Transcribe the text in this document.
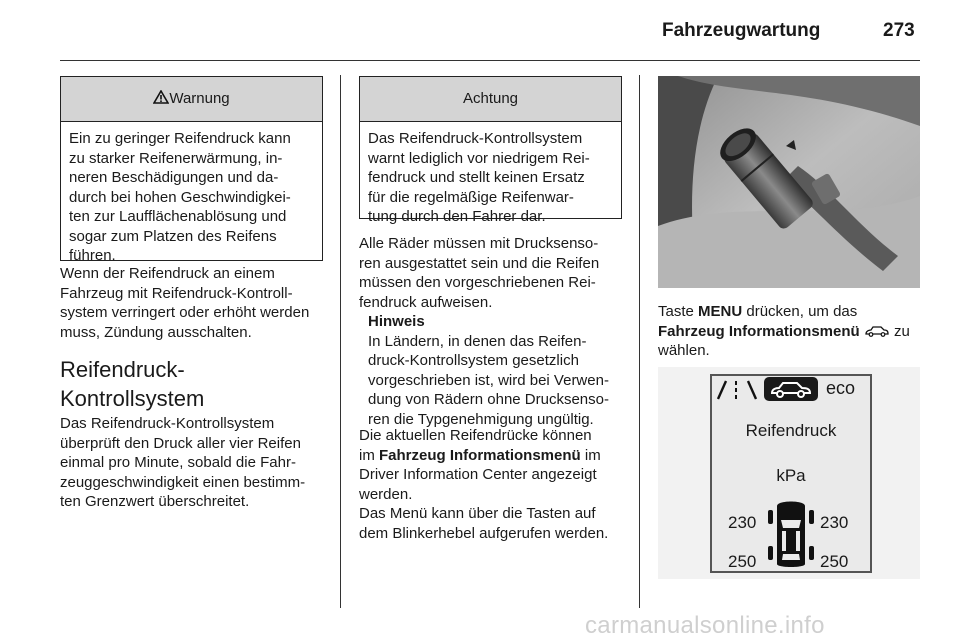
Fahrzeugwartung	273
Warnung
Ein zu geringer Reifendruck kann
zu starker Reifenerwärmung, in-
neren Beschädigungen und da-
durch bei hohen Geschwindigkei-
ten zur Laufflächenablösung und
sogar zum Platzen des Reifens
führen.
Wenn der Reifendruck an einem
Fahrzeug mit Reifendruck-Kontroll-
system verringert oder erhöht werden
muss, Zündung ausschalten.
Reifendruck-
Kontrollsystem
Das Reifendruck-Kontrollsystem
überprüft den Druck aller vier Reifen
einmal pro Minute, sobald die Fahr-
zeuggeschwindigkeit einen bestimm-
ten Grenzwert überschreitet.
Achtung
Das Reifendruck-Kontrollsystem
warnt lediglich vor niedrigem Rei-
fendruck und stellt keinen Ersatz
für die regelmäßige Reifenwar-
tung durch den Fahrer dar.
Alle Räder müssen mit Drucksenso-
ren ausgestattet sein und die Reifen
müssen den vorgeschriebenen Rei-
fendruck aufweisen.
Hinweis
In Ländern, in denen das Reifen-
druck-Kontrollsystem gesetzlich
vorgeschrieben ist, wird bei Verwen-
dung von Rädern ohne Drucksenso-
ren die Typgenehmigung ungültig.
Die aktuellen Reifendrücke können
im Fahrzeug Informationsmenü im
Driver Information Center angezeigt
werden.
Das Menü kann über die Tasten auf
dem Blinkerhebel aufgerufen werden.
Taste MENU drücken, um das
Fahrzeug Informationsmenü  zu
wählen.
eco
Reifendruck
kPa
230	230
250	250
carmanualsonline.info
